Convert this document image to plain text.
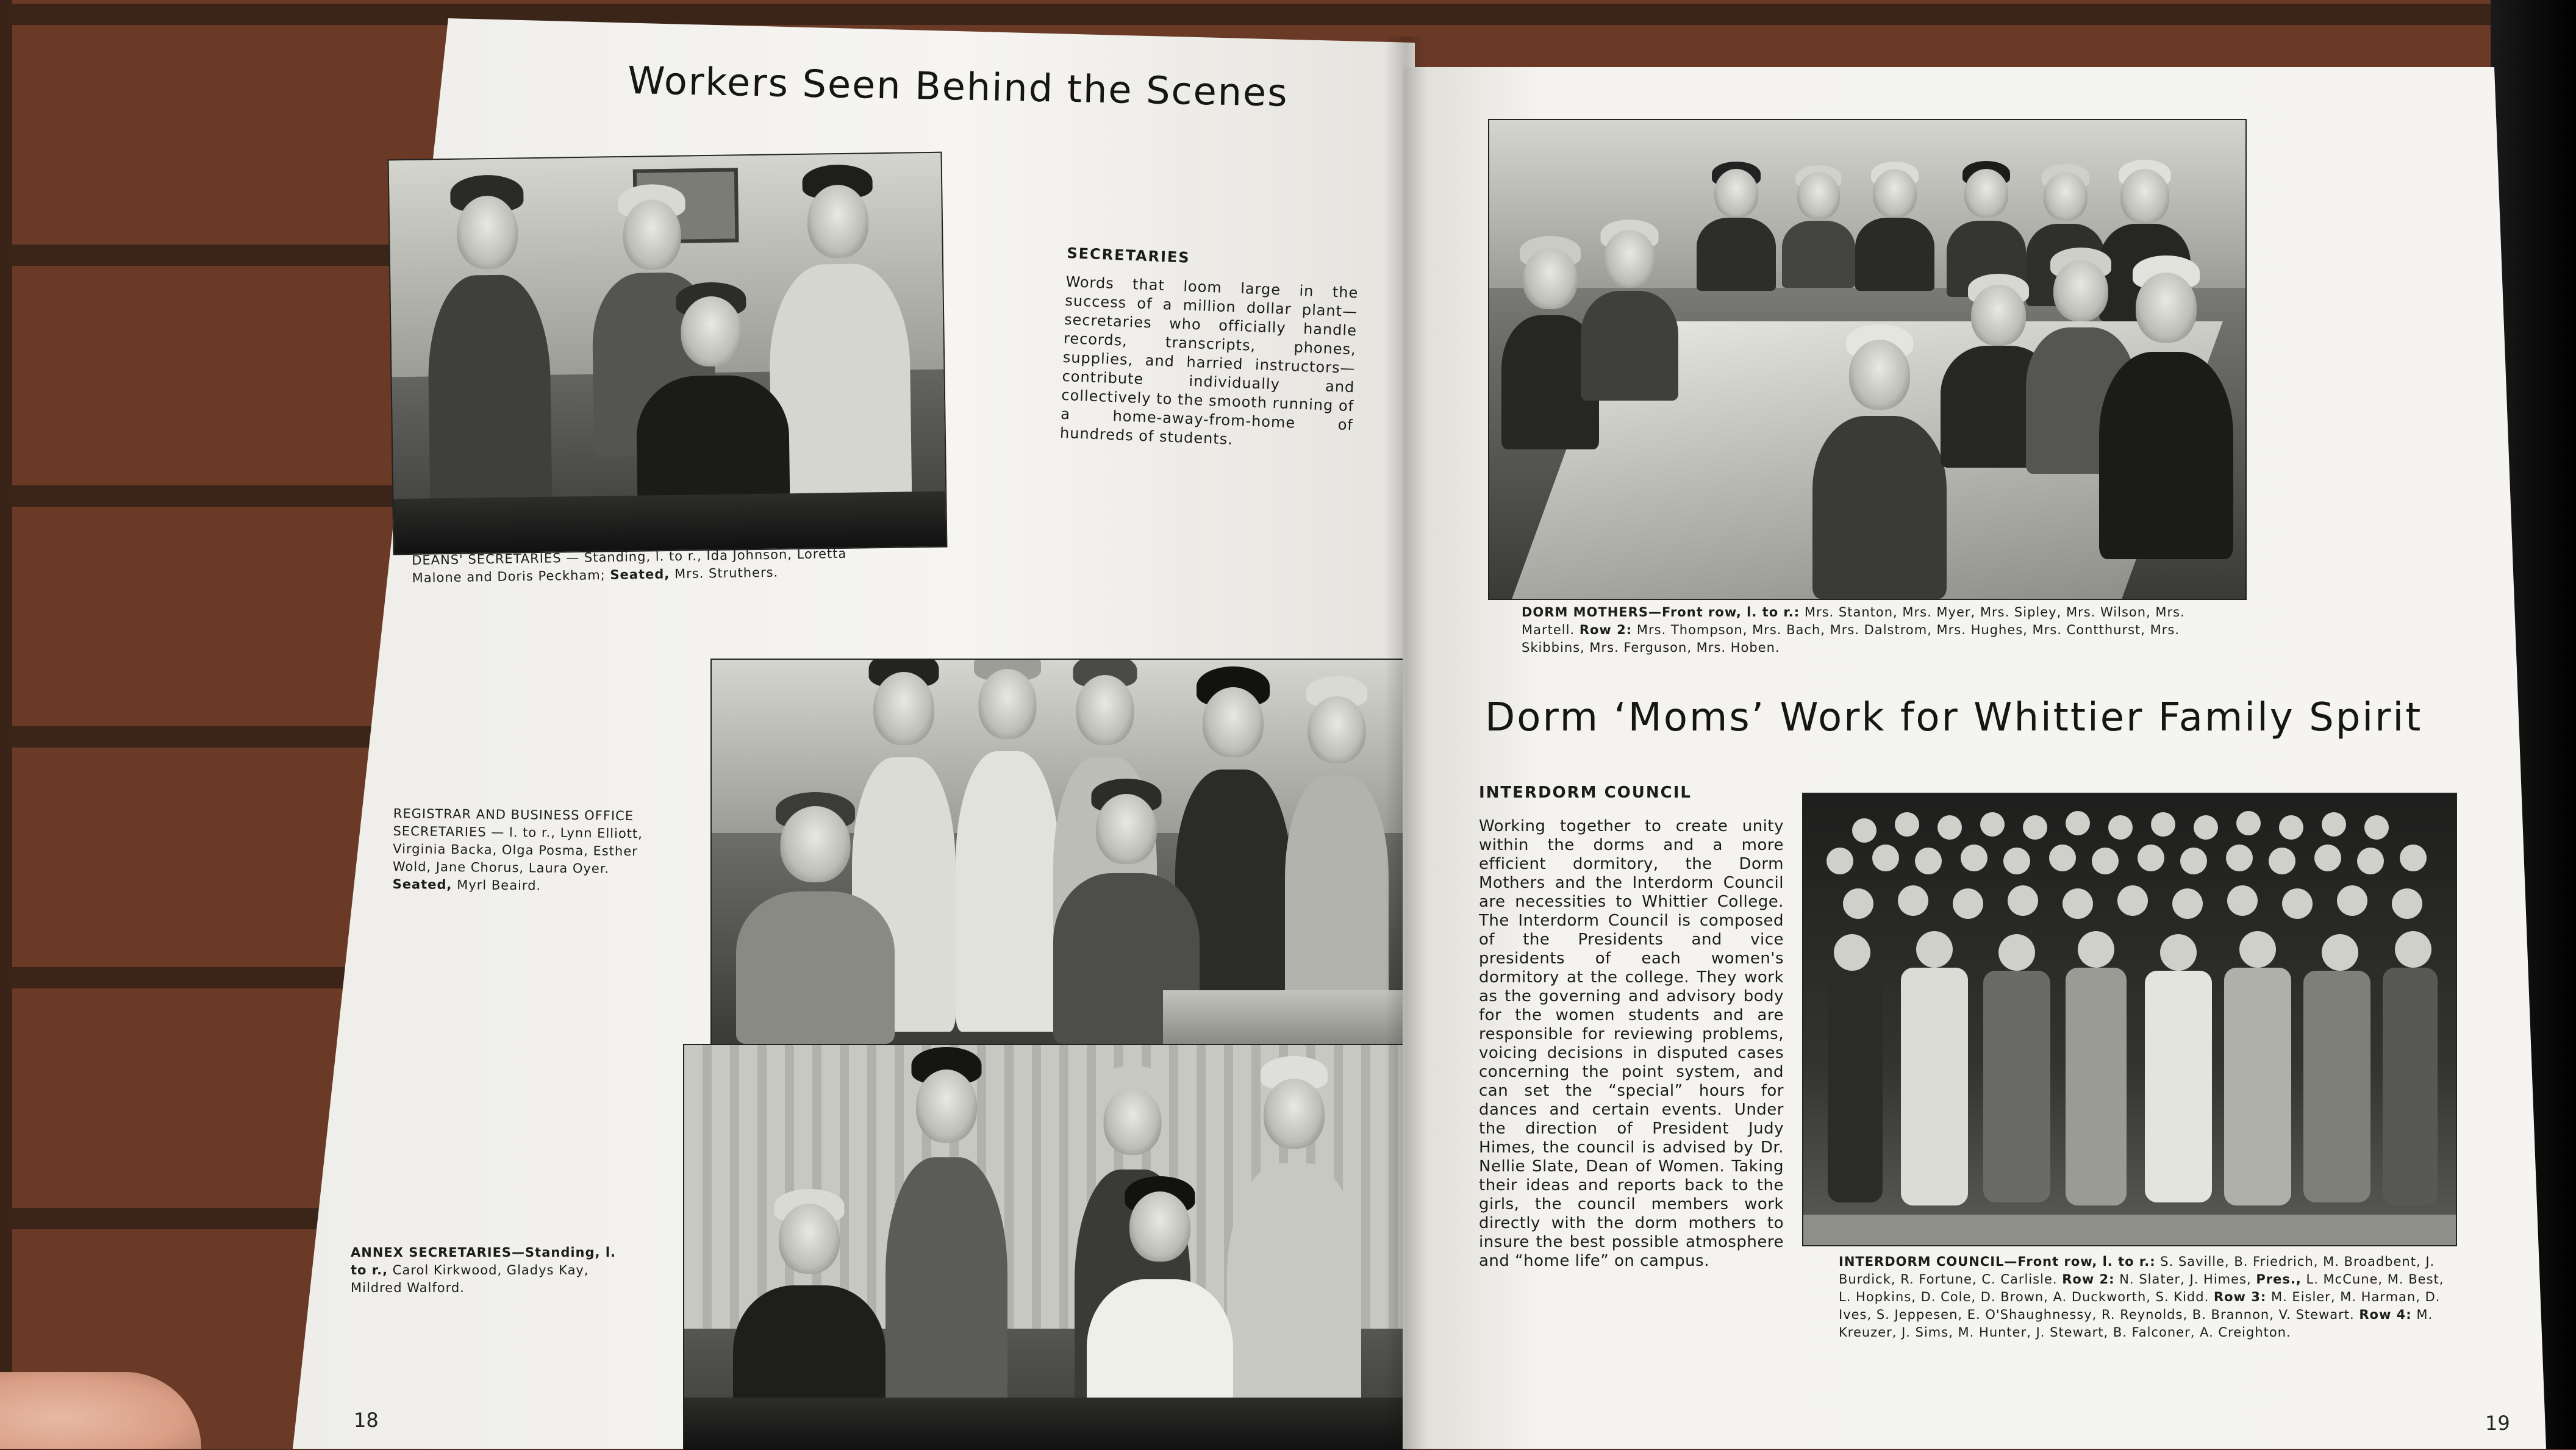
Workers Seen Behind the Scenes
SECRETARIES
Words that loom large in the success of a million dollar plant—secretaries who officially handle records, transcripts, phones, supplies, and harried instructors—contribute individually and collectively to the smooth running of a home-away-from-home of hundreds of students.
DEANS' SECRETARIES — Standing, l. to r., Ida Johnson, Loretta Malone and Doris Peckham; Seated, Mrs. Struthers.
REGISTRAR AND BUSINESS OFFICE SECRETARIES — l. to r., Lynn Elliott, Virginia Backa, Olga Posma, Esther Wold, Jane Chorus, Laura Oyer. Seated, Myrl Beaird.
ANNEX SECRETARIES—Standing, l. to r., Carol Kirkwood, Gladys Kay, Mildred Walford.
18
DORM MOTHERS—Front row, l. to r.: Mrs. Stanton, Mrs. Myer, Mrs. Sipley, Mrs. Wilson, Mrs. Martell. Row 2: Mrs. Thompson, Mrs. Bach, Mrs. Dalstrom, Mrs. Hughes, Mrs. Contthurst, Mrs. Skibbins, Mrs. Ferguson, Mrs. Hoben.
Dorm ‘Moms’ Work for Whittier Family Spirit
INTERDORM COUNCIL
Working together to create unity within the dorms and a more efficient dormitory, the Dorm Mothers and the Interdorm Council are necessities to Whittier College. The Interdorm Council is composed of the Presidents and vice presidents of each women's dormitory at the college. They work as the governing and advisory body for the women students and are responsible for reviewing problems, voicing decisions in disputed cases concerning the point system, and can set the “special” hours for dances and certain events. Under the direction of President Judy Himes, the council is advised by Dr. Nellie Slate, Dean of Women. Taking their ideas and reports back to the girls, the council members work directly with the dorm mothers to insure the best possible atmosphere and “home life” on campus.	INTERDORM COUNCIL—Front row, l. to r.: S. Saville, B. Friedrich, M. Broadbent, J. Burdick, R. Fortune, C. Carlisle. Row 2: N. Slater, J. Himes, Pres., L. McCune, M. Best, L. Hopkins, D. Cole, D. Brown, A. Duckworth, S. Kidd. Row 3: M. Eisler, M. Harman, D. Ives, S. Jeppesen, E. O'Shaughnessy, R. Reynolds, B. Brannon, V. Stewart. Row 4: M. Kreuzer, J. Sims, M. Hunter, J. Stewart, B. Falconer, A. Creighton.
19
